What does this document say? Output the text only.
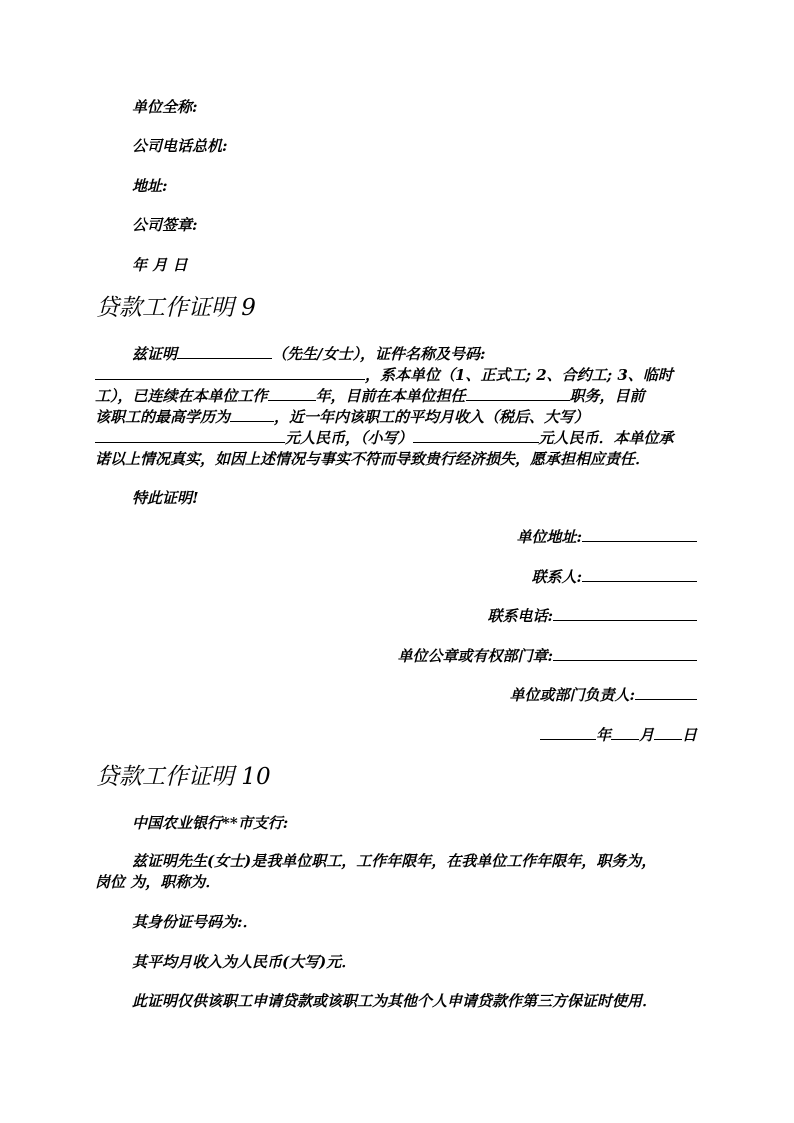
单位全称:
公司电话总机:
地址:
公司签章:
年 月 日
贷款工作证明 9
兹证明	（先生/女士），证件名称及号码:
，系本单位（1、正式工; 2、合约工; 3、临时
工），已连续在本单位工作	年，目前在本单位担任	职务，目前
该职工的最高学历为	，近一年内该职工的平均月收入（税后、大写）
元人民币，（小写）	元人民币．本单位承
诺以上情况真实，如因上述情况与事实不符而导致贵行经济损失，愿承担相应责任．
特此证明!
单位地址:
联系人:
联系电话:
单位公章或有权部门章:
单位或部门负责人:
年 月 日
贷款工作证明 10
中国农业银行**市支行:
兹证明先生(女士)是我单位职工，工作年限年，在我单位工作年限年，职务为，
岗位 为，职称为．
其身份证号码为:．
其平均月收入为人民币(大写)元．
此证明仅供该职工申请贷款或该职工为其他个人申请贷款作第三方保证时使用．
